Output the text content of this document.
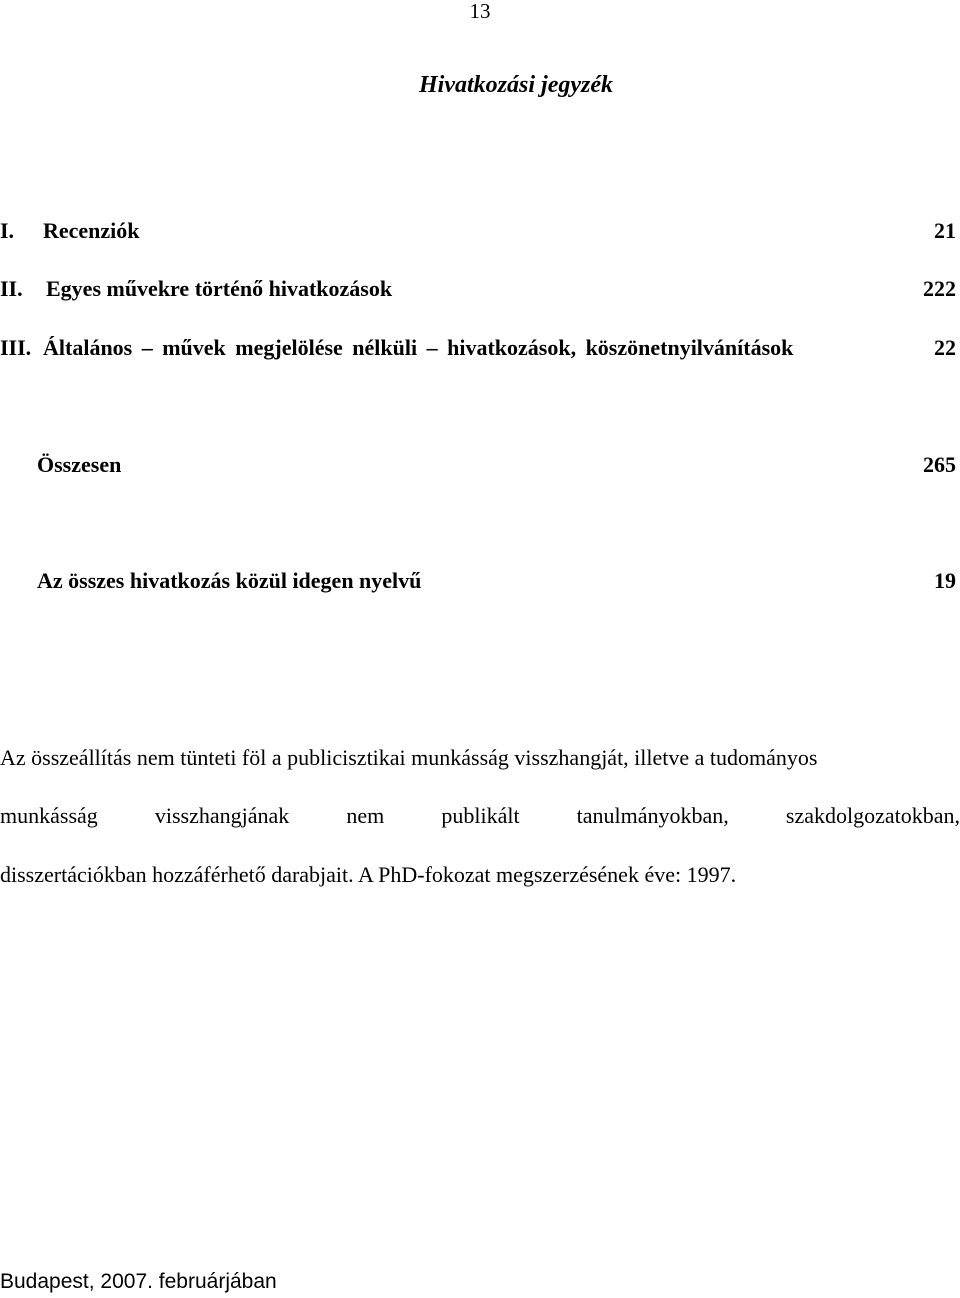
13
Hivatkozási jegyzék
I. Recenziók	21
II. Egyes művekre történő hivatkozások	222
III. Általános – művek megjelölése nélküli – hivatkozások, köszönetnyilvánítások	22
Összesen	265
Az összes hivatkozás közül idegen nyelvű	19
Az összeállítás nem tünteti föl a publicisztikai munkásság visszhangját, illetve a tudományos
munkásság visszhangjának nem publikált tanulmányokban, szakdolgozatokban,
disszertációkban hozzáférhető darabjait. A PhD-fokozat megszerzésének éve: 1997.
Budapest, 2007. februárjában
